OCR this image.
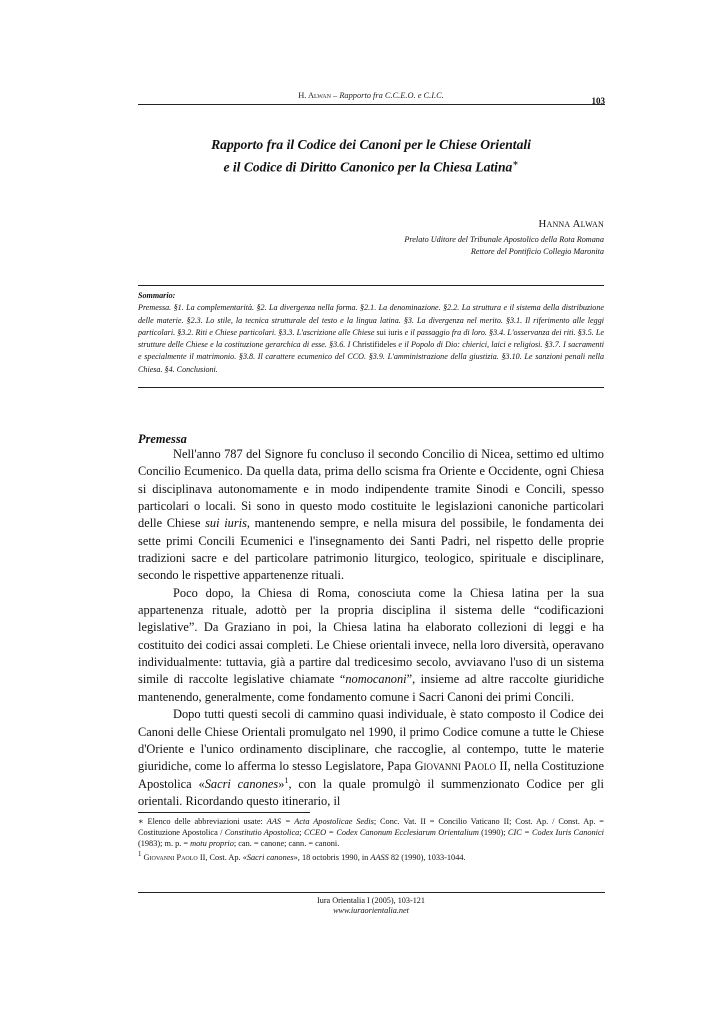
H. Alwan – Rapporto fra C.C.E.O. e C.I.C.
103
Rapporto fra il Codice dei Canoni per le Chiese Orientali
e il Codice di Diritto Canonico per la Chiesa Latina∗
Hanna Alwan
Prelato Uditore del Tribunale Apostolico della Rota Romana
Rettore del Pontificio Collegio Maronita
Sommario:
Premessa. §1. La complementarità. §2. La divergenza nella forma. §2.1. La denominazione. §2.2. La struttura e il sistema della distribuzione delle materie. §2.3. Lo stile, la tecnica strutturale del testo e la lingua latina. §3. La divergenza nel merito. §3.1. Il riferimento alle leggi particolari. §3.2. Riti e Chiese particolari. §3.3. L'ascrizione alle Chiese sui iuris e il passaggio fra di loro. §3.4. L'osservanza dei riti. §3.5. Le strutture delle Chiese e la costituzione gerarchica di esse. §3.6. I Christifideles e il Popolo di Dio: chierici, laici e religiosi. §3.7. I sacramenti e specialmente il matrimonio. §3.8. Il carattere ecumenico del CCO. §3.9. L'amministrazione della giustizia. §3.10. Le sanzioni penali nella Chiesa. §4. Conclusioni.
Premessa

Nell'anno 787 del Signore fu concluso il secondo Concilio di Nicea, settimo ed ultimo Concilio Ecumenico. Da quella data, prima dello scisma fra Oriente e Occidente, ogni Chiesa si disciplinava autonomamente e in modo indipendente tramite Sinodi e Concili, spesso particolari o locali. Si sono in questo modo costituite le legislazioni canoniche particolari delle Chiese sui iuris, mantenendo sempre, e nella misura del possibile, le fondamenta dei sette primi Concili Ecumenici e l'insegnamento dei Santi Padri, nel rispetto delle proprie tradizioni sacre e del particolare patrimonio liturgico, teologico, spirituale e disciplinare, secondo le rispettive appartenenze rituali.

Poco dopo, la Chiesa di Roma, conosciuta come la Chiesa latina per la sua appartenenza rituale, adottò per la propria disciplina il sistema delle “codificazioni legislative”. Da Graziano in poi, la Chiesa latina ha elaborato collezioni di leggi e ha costituito dei codici assai completi. Le Chiese orientali invece, nella loro diversità, operavano individualmente: tuttavia, già a partire dal tredicesimo secolo, avviavano l'uso di un sistema simile di raccolte legislative chiamate “nomocanoni”, insieme ad altre raccolte giuridiche mantenendo, generalmente, come fondamento comune i Sacri Canoni dei primi Concili.

Dopo tutti questi secoli di cammino quasi individuale, è stato composto il Codice dei Canoni delle Chiese Orientali promulgato nel 1990, il primo Codice comune a tutte le Chiese d'Oriente e l'unico ordinamento disciplinare, che raccoglie, al contempo, tutte le materie giuridiche, come lo afferma lo stesso Legislatore, Papa Giovanni Paolo II, nella Costituzione Apostolica «Sacri canones»$^1$, con la quale promulgò il summenzionato Codice per gli orientali. Ricordando questo itinerario, il

∗ Elenco delle abbreviazioni usate: AAS = Acta Apostolicae Sedis; Conc. Vat. II = Concilio Vaticano II; Cost. Ap. / Const. Ap. = Costituzione Apostolica / Constitutio Apostolica; CCEO = Codex Canonum Ecclesiarum Orientalium (1990); CIC = Codex Iuris Canonici (1983); m. p. = motu proprio; can. = canone; cann. = canoni.

$^1$ Giovanni Paolo II, Cost. Ap. «Sacri canones», 18 octobris 1990, in AASS 82 (1990), 1033-1044.

Iura Orientalia I (2005), 103-121
www.iuraorientalia.net
